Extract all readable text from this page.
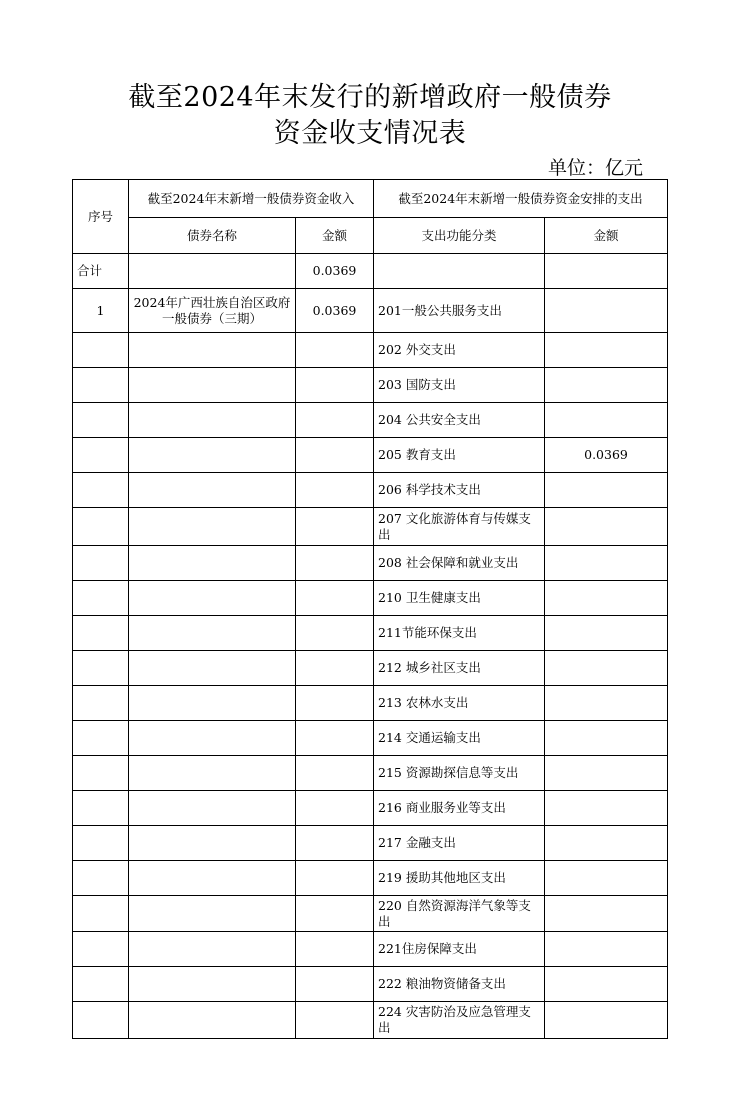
截至2024年末发行的新增政府一般债券
资金收支情况表
单位：亿元
序号	截至2024年末新增一般债券资金收入		截至2024年末新增一般债券资金安排的支出	
	债券名称	金额	支出功能分类	金额
合计		0.0369		
1	2024年广西壮族自治区政府一般债券（三期）	0.0369	201一般公共服务支出	
			202 外交支出	
			203 国防支出	
			204 公共安全支出	
			205 教育支出	0.0369
			206 科学技术支出	
			207 文化旅游体育与传媒支出	
			208 社会保障和就业支出	
			210 卫生健康支出	
			211节能环保支出	
			212 城乡社区支出	
			213 农林水支出	
			214 交通运输支出	
			215 资源勘探信息等支出	
			216 商业服务业等支出	
			217 金融支出	
			219 援助其他地区支出	
			220 自然资源海洋气象等支出	
			221住房保障支出	
			222 粮油物资储备支出	
			224 灾害防治及应急管理支出	
